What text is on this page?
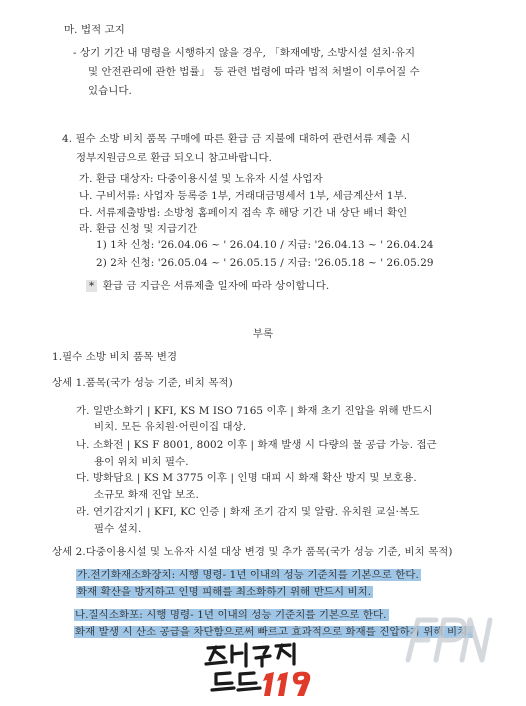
마. 법적 고지
- 상기 기간 내 명령을 시행하지 않을 경우, 「화재예방, 소방시설 설치·유지
및 안전관리에 관한 법률」 등 관련 법령에 따라 법적 처벌이 이루어질 수
있습니다.
4. 필수 소방 비치 품목 구매에 따른 환급 금 지불에 대하여 관련서류 제출 시
정부지원금으로 환급 되오니 참고바랍니다.
가. 환급 대상자: 다중이용시설 및 노유자 시설 사업자
나. 구비서류: 사업자 등록증 1부, 거래대금명세서 1부, 세금계산서 1부.
다. 서류제출방법: 소방청 홈페이지 접속 후 해당 기간 내 상단 배너 확인
라. 환급 신청 및 지급기간
1) 1차 신청: '26.04.06 ~ ' 26.04.10 / 지급: '26.04.13 ~ ' 26.04.24
2) 2차 신청: '26.05.04 ~ ' 26.05.15 / 지급: '26.05.18 ~ ' 26.05.29
* 환급 금 지급은 서류제출 일자에 따라 상이합니다.
부록
1.필수 소방 비치 품목 변경
상세 1.품목(국가 성능 기준, 비치 목적)
가. 일반소화기 | KFI, KS M ISO 7165 이후 | 화재 초기 진압을 위해 반드시
비치. 모든 유치원·어린이집 대상.
나. 소화전 | KS F 8001, 8002 이후 | 화재 발생 시 다량의 물 공급 가능. 접근
용이 위치 비치 필수.
다. 방화담요 | KS M 3775 이후 | 인명 대피 시 화재 확산 방지 및 보호용.
소규모 화재 진압 보조.
라. 연기감지기 | KFI, KC 인증 | 화재 조기 감지 및 알람. 유치원 교실·복도
필수 설치.
상세 2.다중이용시설 및 노유자 시설 대상 변경 및 추가 품목(국가 성능 기준, 비치 목적)
가.전기화재소화장치: 시행 명령- 1년 이내의 성능 기준치를 기본으로 한다.
화재 확산을 방지하고 인명 피해를 최소화하기 위해 반드시 비치.
나.질식소화포: 시행 명령- 1년 이내의 성능 기준치를 기본으로 한다.
화재 발생 시 산소 공급을 차단함으로써 빠르고 효과적으로 화재를 진압하기 위해 비치.
